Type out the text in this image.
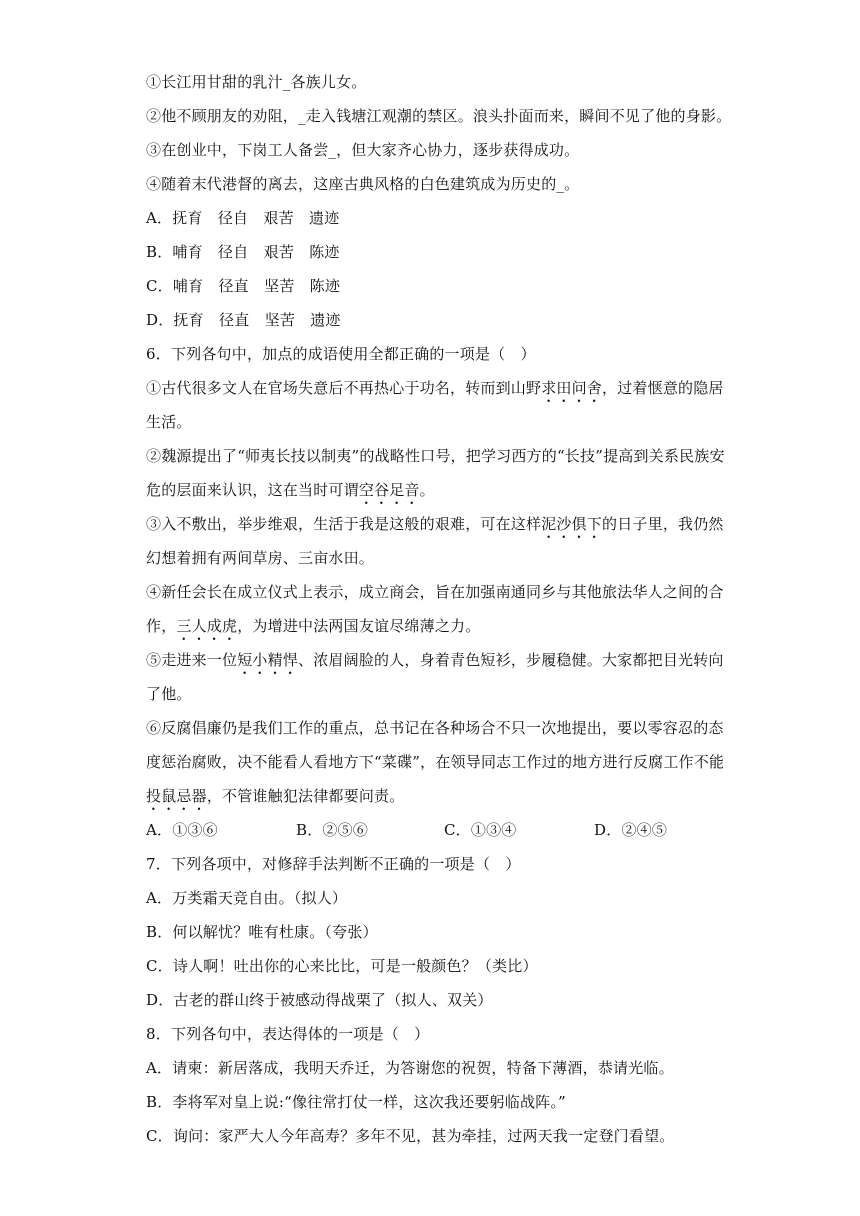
①长江用甘甜的乳汁_各族儿女。
②他不顾朋友的劝阻，_走入钱塘江观潮的禁区。浪头扑面而来，瞬间不见了他的身影。
③在创业中，下岗工人备尝_，但大家齐心协力，逐步获得成功。
④随着末代港督的离去，这座古典风格的白色建筑成为历史的_。
A．抚育　径自　艰苦　遗迹
B．哺育　径自　艰苦　陈迹
C．哺育　径直　坚苦　陈迹
D．抚育　径直　坚苦　遗迹
6．下列各句中，加点的成语使用全都正确的一项是（　）
①古代很多文人在官场失意后不再热心于功名，转而到山野求田问舍，过着惬意的隐居
生活。
②魏源提出了“师夷长技以制夷”的战略性口号，把学习西方的“长技”提高到关系民族安
危的层面来认识，这在当时可谓空谷足音。
③入不敷出，举步维艰，生活于我是这般的艰难，可在这样泥沙俱下的日子里，我仍然
幻想着拥有两间草房、三亩水田。
④新任会长在成立仪式上表示，成立商会，旨在加强南通同乡与其他旅法华人之间的合
作，三人成虎，为增进中法两国友谊尽绵薄之力。
⑤走进来一位短小精悍、浓眉阔脸的人，身着青色短衫，步履稳健。大家都把目光转向
了他。
⑥反腐倡廉仍是我们工作的重点，总书记在各种场合不只一次地提出，要以零容忍的态
度惩治腐败，决不能看人看地方下“菜碟”，在领导同志工作过的地方进行反腐工作不能
投鼠忌器，不管谁触犯法律都要问责。
A．①③⑥	B．②⑤⑥	C．①③④	D．②④⑤
7．下列各项中，对修辞手法判断不正确的一项是（　）
A．万类霜天竞自由。（拟人）
B．何以解忧？唯有杜康。（夸张）
C．诗人啊！吐出你的心来比比，可是一般颜色？（类比）
D．古老的群山终于被感动得战栗了（拟人、双关）
8．下列各句中，表达得体的一项是（　）
A．请柬：新居落成，我明天乔迁，为答谢您的祝贺，特备下薄酒，恭请光临。
B．李将军对皇上说:“像往常打仗一样，这次我还要躬临战阵。”
C．询问：家严大人今年高寿？多年不见，甚为牵挂，过两天我一定登门看望。
